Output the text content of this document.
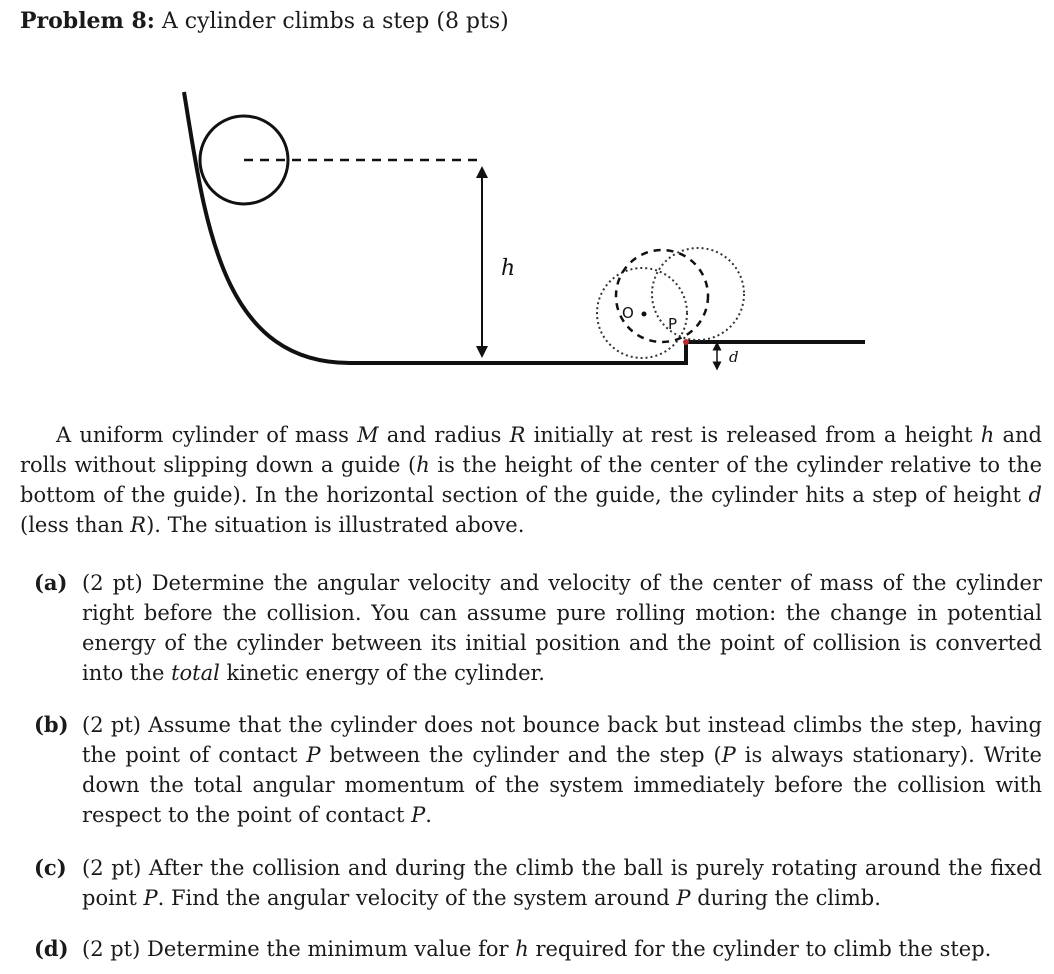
Problem 8: A cylinder climbs a step (8 pts)
h
O
P
d

A uniform cylinder of mass M and radius R initially at rest is released from a height h and rolls without slipping down a guide (h is the height of the center of the cylinder relative to the bottom of the guide). In the horizontal section of the guide, the cylinder hits a step of height d (less than R). The situation is illustrated above.

(a) (2 pt) Determine the angular velocity and velocity of the center of mass of the cylinder right before the collision. You can assume pure rolling motion: the change in potential energy of the cylinder between its initial position and the point of collision is converted into the total kinetic energy of the cylinder.
(b) (2 pt) Assume that the cylinder does not bounce back but instead climbs the step, having the point of contact P between the cylinder and the step (P is always stationary). Write down the total angular momentum of the system immediately before the collision with respect to the point of contact P.
(c) (2 pt) After the collision and during the climb the ball is purely rotating around the fixed point P. Find the angular velocity of the system around P during the climb.
(d) (2 pt) Determine the minimum value for h required for the cylinder to climb the step.
